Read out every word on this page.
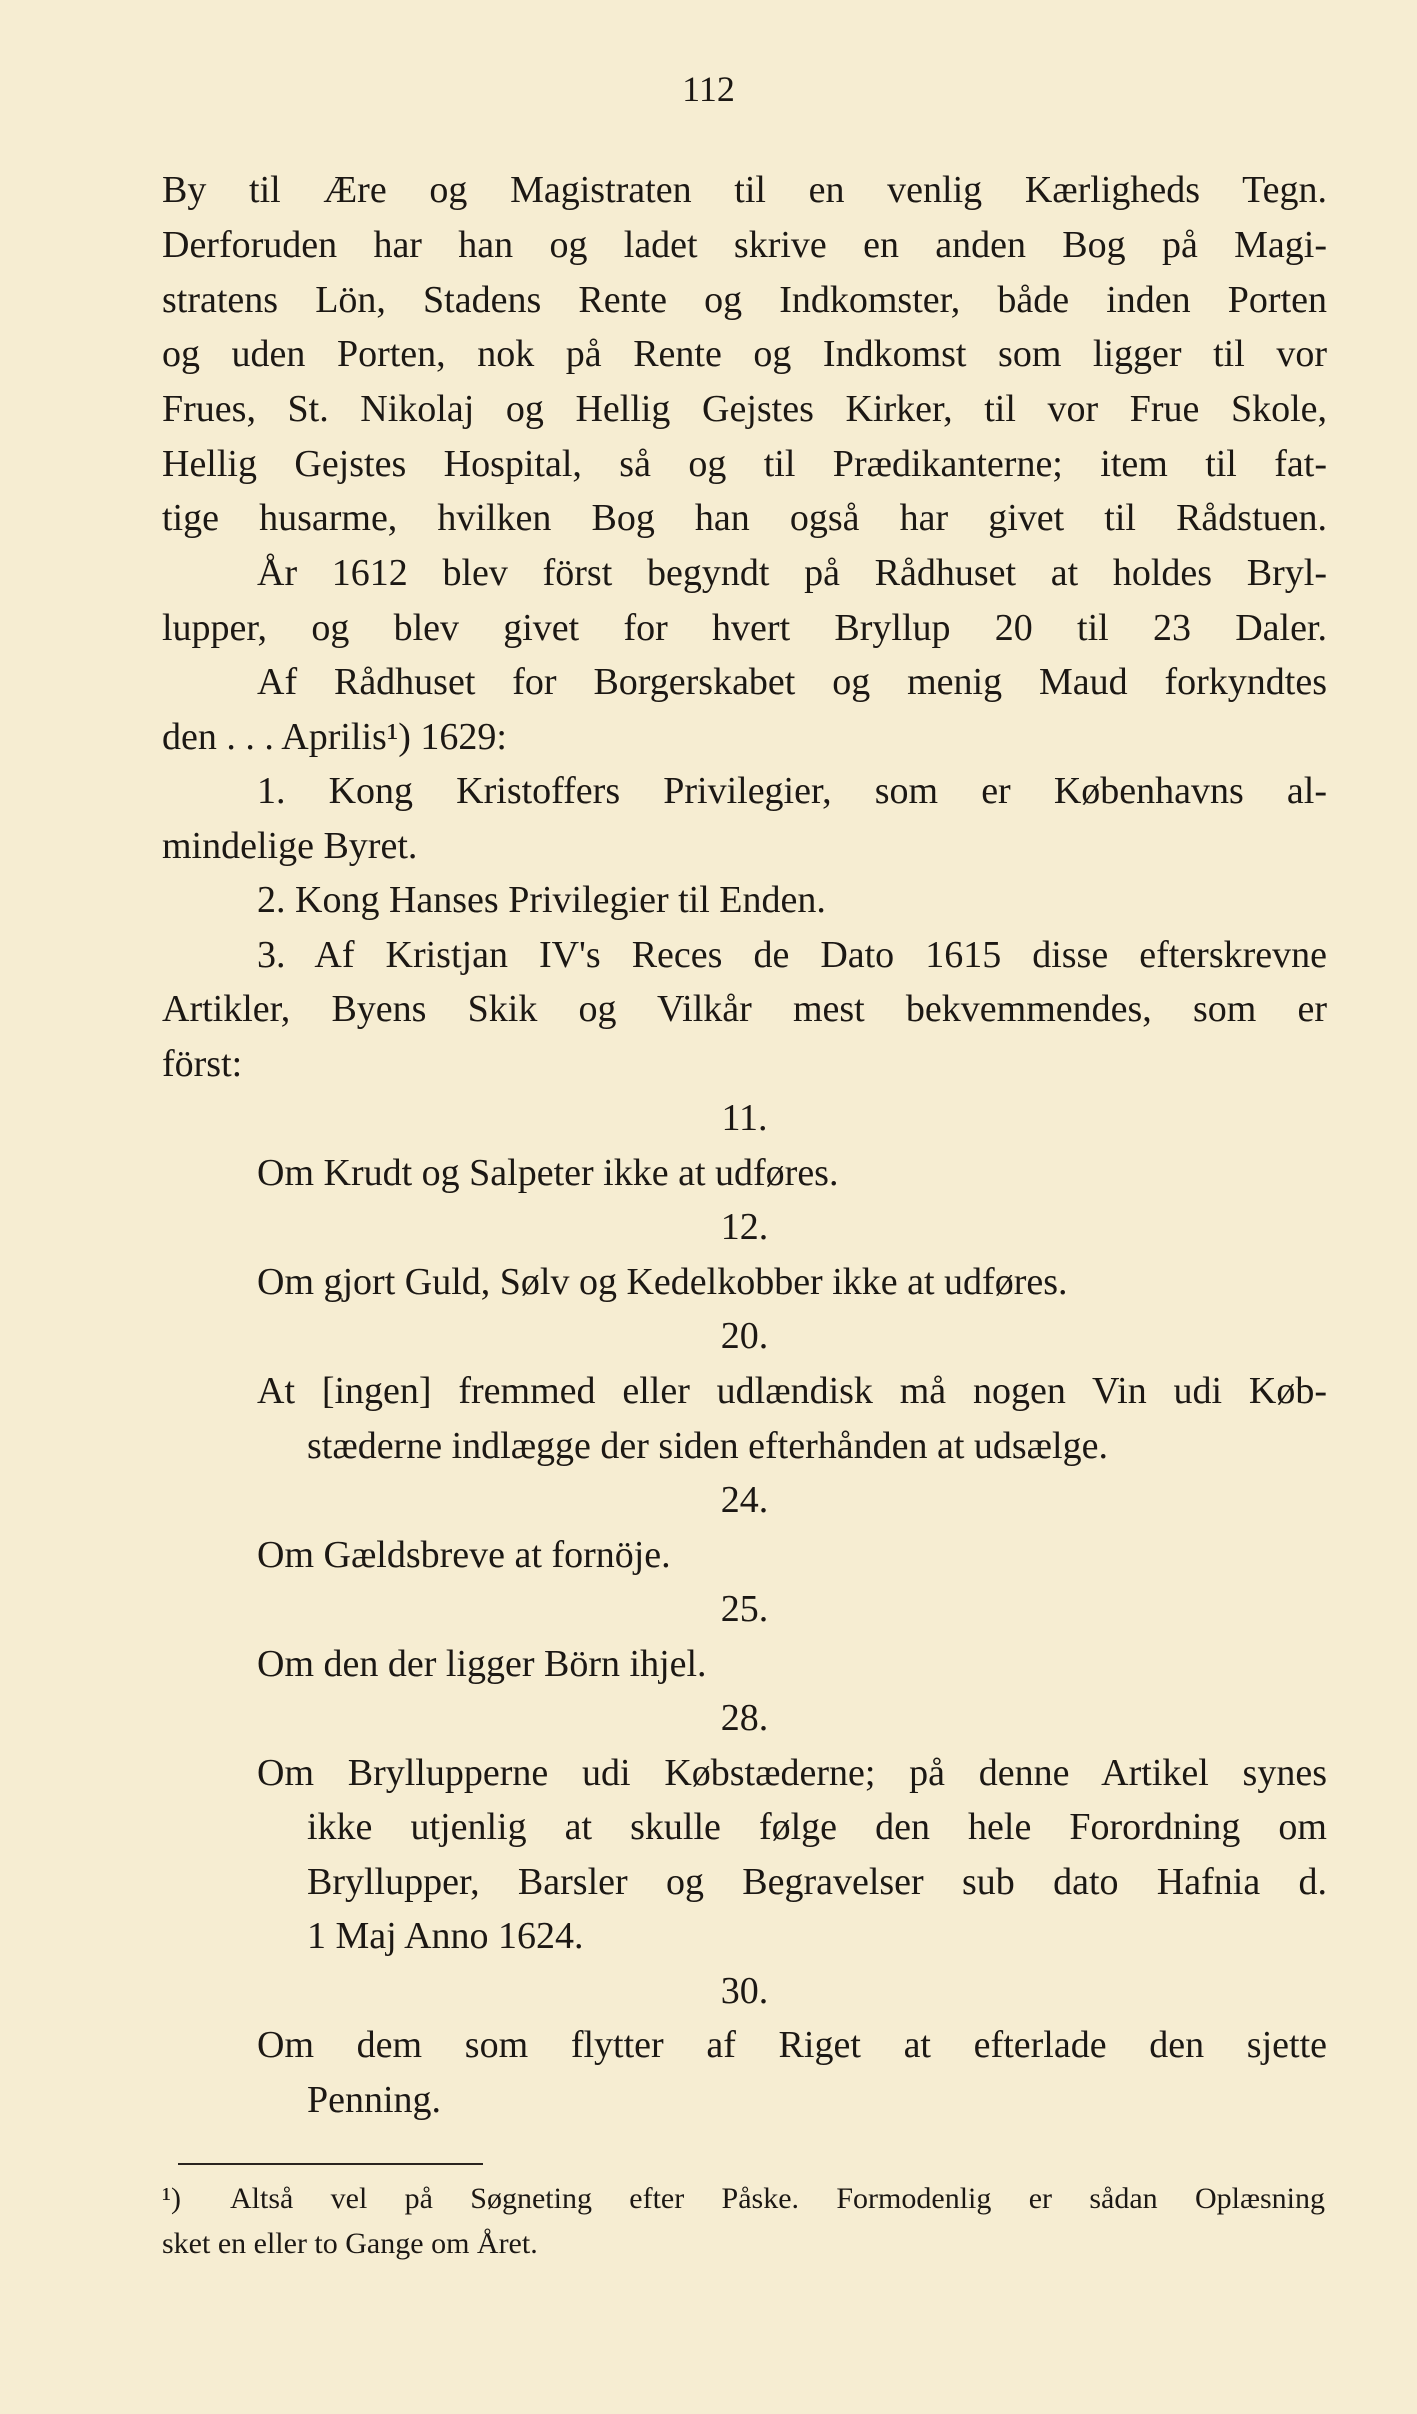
112
By til Ære og Magistraten til en venlig Kærligheds Tegn.
Derforuden har han og ladet skrive en anden Bog på Magi-
stratens Lön, Stadens Rente og Indkomster, både inden Porten
og uden Porten, nok på Rente og Indkomst som ligger til vor
Frues, St. Nikolaj og Hellig Gejstes Kirker, til vor Frue Skole,
Hellig Gejstes Hospital, så og til Prædikanterne; item til fat-
tige husarme, hvilken Bog han også har givet til Rådstuen.
År 1612 blev först begyndt på Rådhuset at holdes Bryl-
lupper, og blev givet for hvert Bryllup 20 til 23 Daler.
Af Rådhuset for Borgerskabet og menig Maud forkyndtes
den . . . Aprilis¹) 1629:
1. Kong Kristoffers Privilegier, som er Københavns al-
mindelige Byret.
2. Kong Hanses Privilegier til Enden.
3. Af Kristjan IV's Reces de Dato 1615 disse efterskrevne
Artikler, Byens Skik og Vilkår mest bekvemmendes, som er
först:
11.
Om Krudt og Salpeter ikke at udføres.
12.
Om gjort Guld, Sølv og Kedelkobber ikke at udføres.
20.
At [ingen] fremmed eller udlændisk må nogen Vin udi Køb-
stæderne indlægge der siden efterhånden at udsælge.
24.
Om Gældsbreve at fornöje.
25.
Om den der ligger Börn ihjel.
28.
Om Bryllupperne udi Købstæderne; på denne Artikel synes
ikke utjenlig at skulle følge den hele Forordning om
Bryllupper, Barsler og Begravelser sub dato Hafnia d.
1 Maj Anno 1624.
30.
Om dem som flytter af Riget at efterlade den sjette
Penning.
¹) Altså vel på Søgneting efter Påske. Formodenlig er sådan Oplæsning
sket en eller to Gange om Året.
